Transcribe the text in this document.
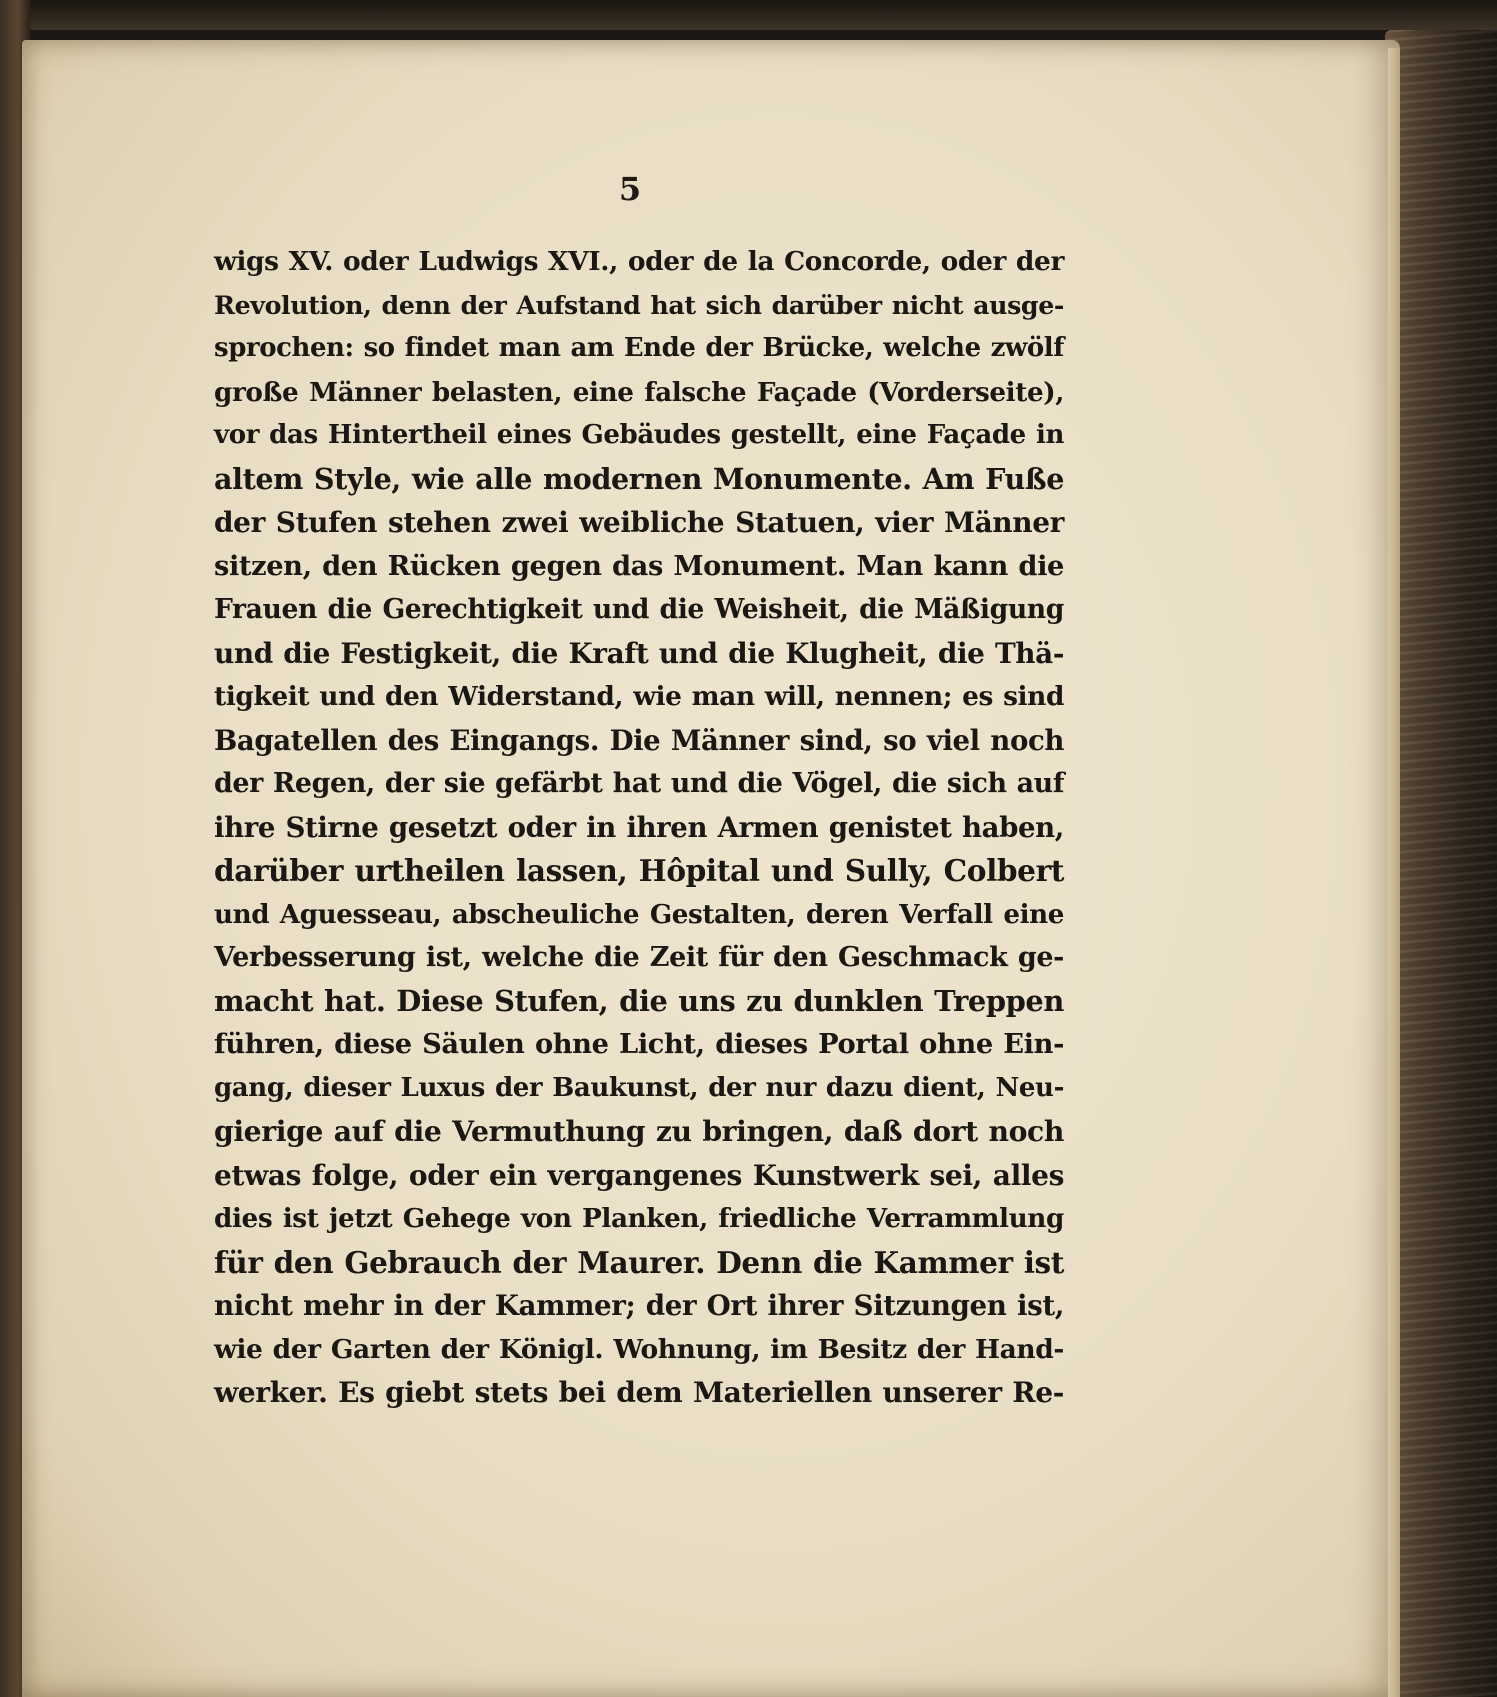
5
wigs XV. oder Ludwigs XVI., oder de la Concorde, oder der
Revolution, denn der Aufstand hat sich darüber nicht ausge-
sprochen: so findet man am Ende der Brücke, welche zwölf
große Männer belasten, eine falsche Façade (Vorderseite),
vor das Hintertheil eines Gebäudes gestellt, eine Façade in
altem Style, wie alle modernen Monumente. Am Fuße
der Stufen stehen zwei weibliche Statuen, vier Männer
sitzen, den Rücken gegen das Monument. Man kann die
Frauen die Gerechtigkeit und die Weisheit, die Mäßigung
und die Festigkeit, die Kraft und die Klugheit, die Thä-
tigkeit und den Widerstand, wie man will, nennen; es sind
Bagatellen des Eingangs. Die Männer sind, so viel noch
der Regen, der sie gefärbt hat und die Vögel, die sich auf
ihre Stirne gesetzt oder in ihren Armen genistet haben,
darüber urtheilen lassen, Hôpital und Sully, Colbert
und Aguesseau, abscheuliche Gestalten, deren Verfall eine
Verbesserung ist, welche die Zeit für den Geschmack ge-
macht hat. Diese Stufen, die uns zu dunklen Treppen
führen, diese Säulen ohne Licht, dieses Portal ohne Ein-
gang, dieser Luxus der Baukunst, der nur dazu dient, Neu-
gierige auf die Vermuthung zu bringen, daß dort noch
etwas folge, oder ein vergangenes Kunstwerk sei, alles
dies ist jetzt Gehege von Planken, friedliche Verrammlung
für den Gebrauch der Maurer. Denn die Kammer ist
nicht mehr in der Kammer; der Ort ihrer Sitzungen ist,
wie der Garten der Königl. Wohnung, im Besitz der Hand-
werker. Es giebt stets bei dem Materiellen unserer Re-
